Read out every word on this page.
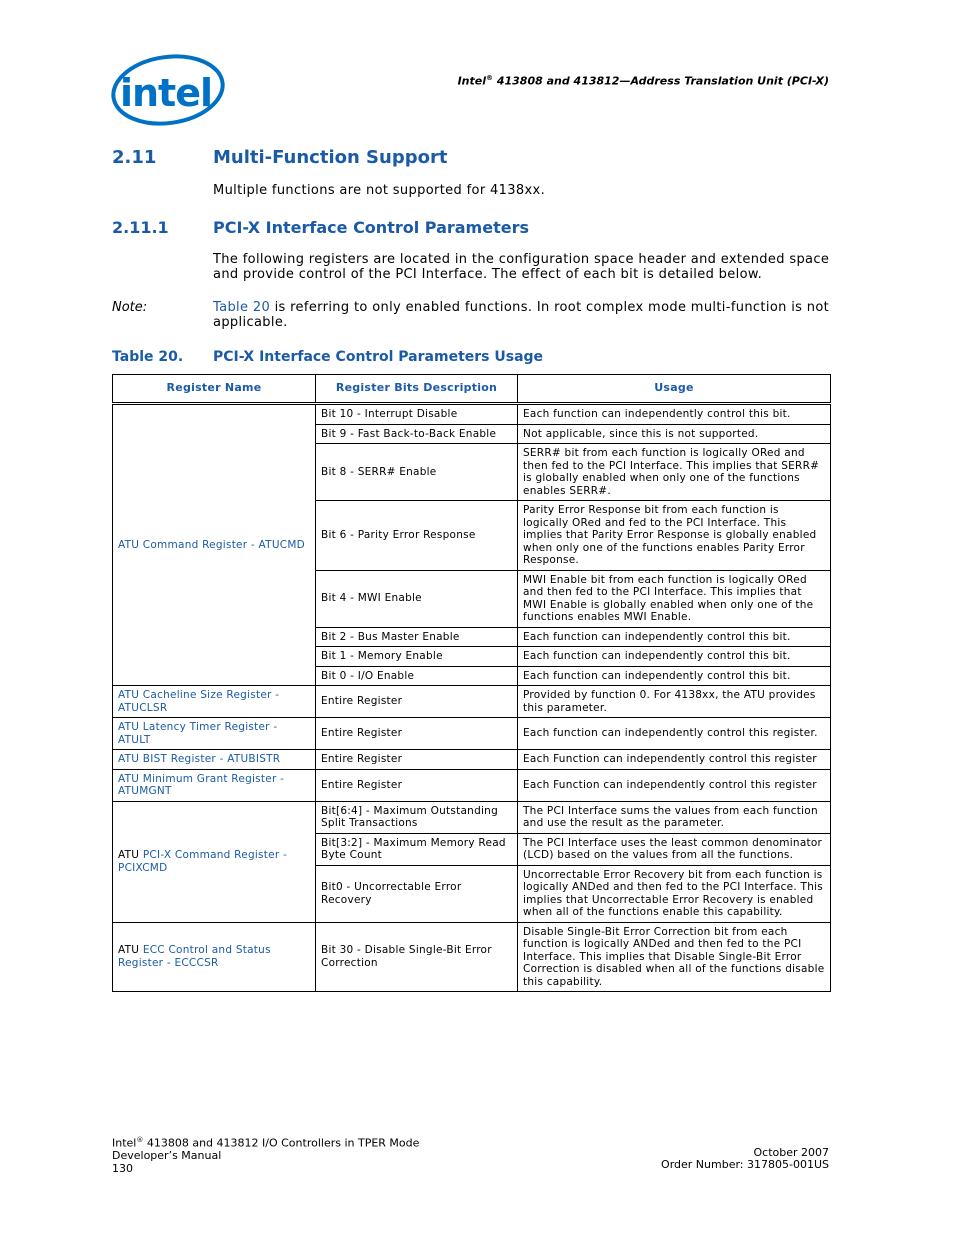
intel	Intel® 413808 and 413812—Address Translation Unit (PCI-X)
2.11	Multi-Function Support
Multiple functions are not supported for 4138xx.
2.11.1	PCI-X Interface Control Parameters
The following registers are located in the configuration space header and extended space and provide control of the PCI Interface. The effect of each bit is detailed below.
Note:	Table 20 is referring to only enabled functions. In root complex mode multi-function is not applicable.
Table 20. PCI-X Interface Control Parameters Usage
Register Name	Register Bits Description	Usage
ATU Command Register - ATUCMD	Bit 10 - Interrupt Disable	Each function can independently control this bit.
	Bit 9 - Fast Back-to-Back Enable	Not applicable, since this is not supported.
	Bit 8 - SERR# Enable	SERR# bit from each function is logically ORed and then fed to the PCI Interface. This implies that SERR# is globally enabled when only one of the functions enables SERR#.
	Bit 6 - Parity Error Response	Parity Error Response bit from each function is logically ORed and fed to the PCI Interface. This implies that Parity Error Response is globally enabled when only one of the functions enables Parity Error Response.
	Bit 4 - MWI Enable	MWI Enable bit from each function is logically ORed and then fed to the PCI Interface. This implies that MWI Enable is globally enabled when only one of the functions enables MWI Enable.
	Bit 2 - Bus Master Enable	Each function can independently control this bit.
	Bit 1 - Memory Enable	Each function can independently control this bit.
	Bit 0 - I/O Enable	Each function can independently control this bit.
ATU Cacheline Size Register - ATUCLSR	Entire Register	Provided by function 0. For 4138xx, the ATU provides this parameter.
ATU Latency Timer Register - ATULT	Entire Register	Each function can independently control this register.
ATU BIST Register - ATUBISTR	Entire Register	Each Function can independently control this register
ATU Minimum Grant Register - ATUMGNT	Entire Register	Each Function can independently control this register
ATU PCI-X Command Register - PCIXCMD	Bit[6:4] - Maximum Outstanding Split Transactions	The PCI Interface sums the values from each function and use the result as the parameter.
	Bit[3:2] - Maximum Memory Read Byte Count	The PCI Interface uses the least common denominator (LCD) based on the values from all the functions.
	Bit0 - Uncorrectable Error Recovery	Uncorrectable Error Recovery bit from each function is logically ANDed and then fed to the PCI Interface. This implies that Uncorrectable Error Recovery is enabled when all of the functions enable this capability.
ATU ECC Control and Status Register - ECCCSR	Bit 30 - Disable Single-Bit Error Correction	Disable Single-Bit Error Correction bit from each function is logically ANDed and then fed to the PCI Interface. This implies that Disable Single-Bit Error Correction is disabled when all of the functions disable this capability.
Intel® 413808 and 413812 I/O Controllers in TPER Mode
Developer’s Manual
130

October 2007
Order Number: 317805-001US
